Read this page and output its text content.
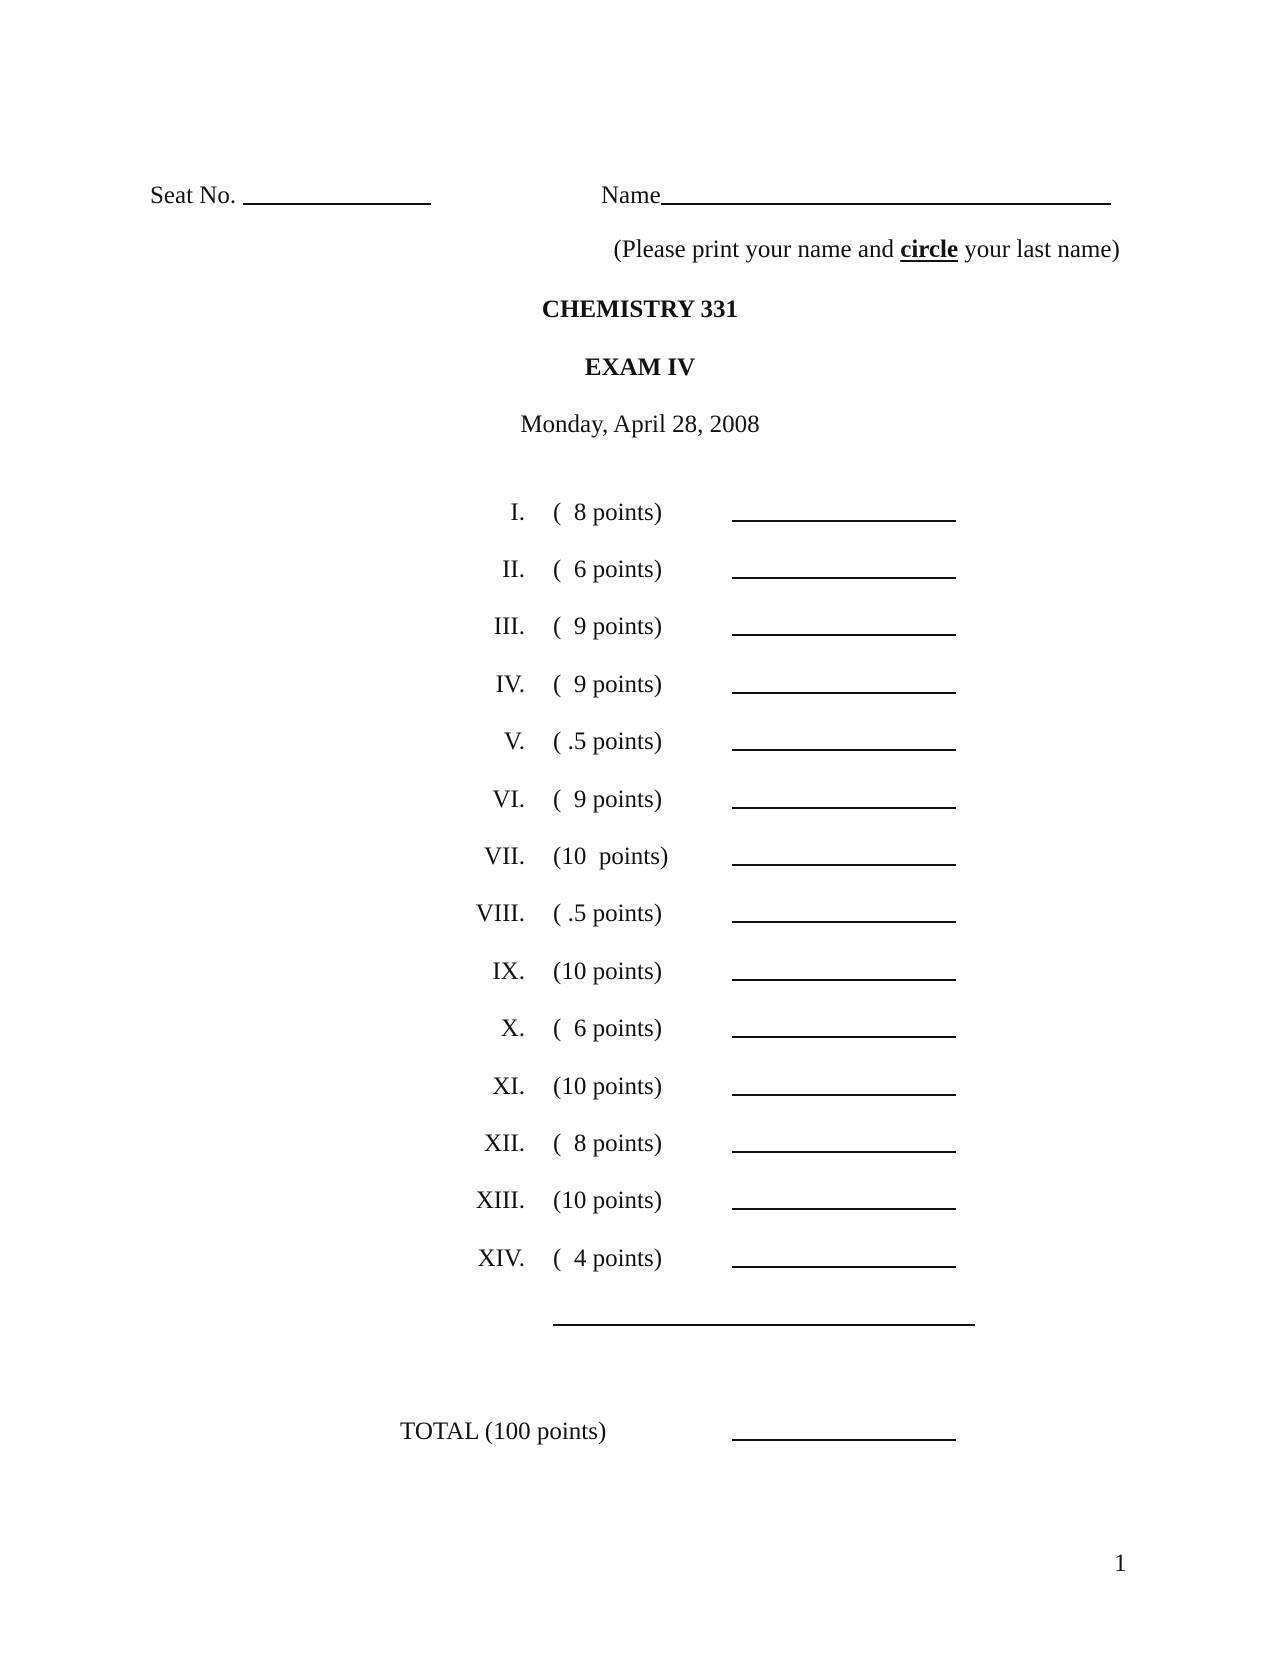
Seat No.	Name

(Please print your name and circle your last name)

CHEMISTRY 331
EXAM IV
Monday, April 28, 2008
I. (  8 points)
II. (  6 points)
III. (  9 points)
IV. (  9 points)
V. ( .5 points)
VI. (  9 points)
VII. (10  points)
VIII. ( .5 points)
IX. (10 points)
X. (  6 points)
XI. (10 points)
XII. (  8 points)
XIII. (10 points)
XIV. (  4 points)
TOTAL (100 points)
1
